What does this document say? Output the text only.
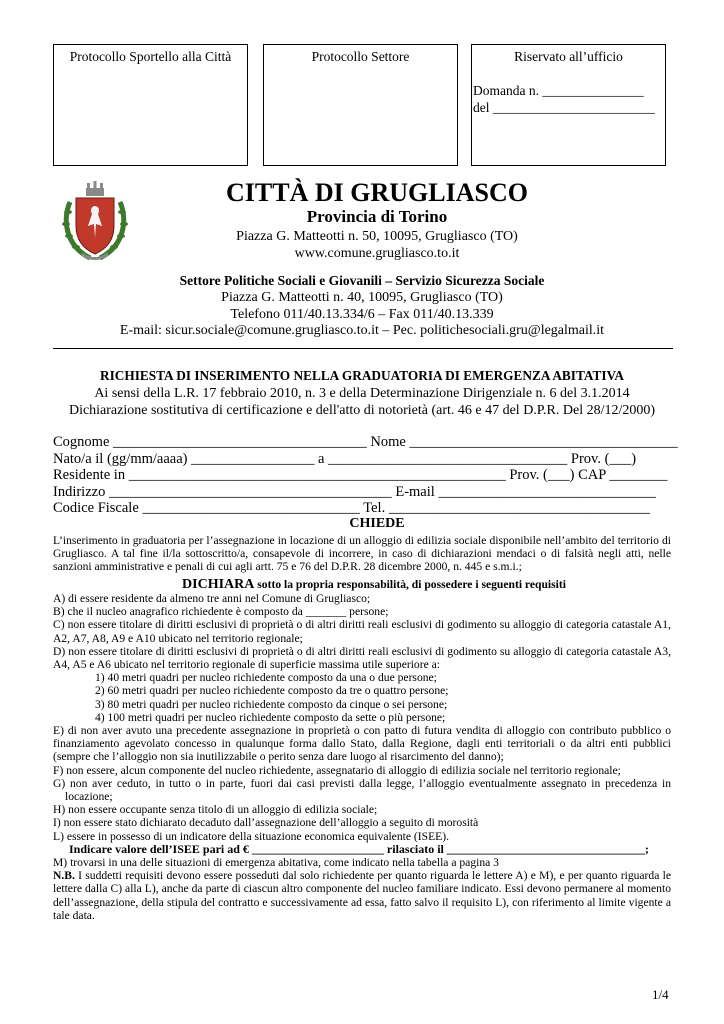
Protocollo Sportello alla Città	Protocollo Settore	Riservato all’ufficio
Domanda n. _______________
del ________________________
CITTÀ DI GRUGLIASCO
Provincia di Torino
Piazza G. Matteotti n. 50, 10095, Grugliasco (TO)
www.comune.grugliasco.to.it
Settore Politiche Sociali e Giovanili – Servizio Sicurezza Sociale
Piazza G. Matteotti n. 40, 10095, Grugliasco (TO)
Telefono 011/40.13.334/6 – Fax 011/40.13.339
E-mail: sicur.sociale@comune.grugliasco.to.it – Pec. politichesociali.gru@legalmail.it
RICHIESTA DI INSERIMENTO NELLA GRADUATORIA DI EMERGENZA ABITATIVA
Ai sensi della L.R. 17 febbraio 2010, n. 3 e della Determinazione Dirigenziale n. 6 del 3.1.2014
Dichiarazione sostitutiva di certificazione e dell'atto di notorietà (art. 46 e 47 del D.P.R. Del 28/12/2000)
Cognome ___________________________________ Nome _____________________________________
Nato/a il (gg/mm/aaaa) _________________ a _________________________________ Prov. (___)
Residente in ____________________________________________________ Prov. (___) CAP ________
Indirizzo _______________________________________ E-mail ______________________________
Codice Fiscale ______________________________ Tel. ____________________________________
CHIEDE

L’inserimento in graduatoria per l’assegnazione in locazione di un alloggio di edilizia sociale disponibile nell’ambito del territorio di Grugliasco. A tal fine il/la sottoscritto/a, consapevole di incorrere, in caso di dichiarazioni mendaci o di falsità negli atti, nelle sanzioni amministrative e penali di cui agli artt. 75 e 76 del D.P.R. 28 dicembre 2000, n. 445 e s.m.i.;

DICHIARA sotto la propria responsabilità, di possedere i seguenti requisiti

A) di essere residente da almeno tre anni nel Comune di Grugliasco;

B) che il nucleo anagrafico richiedente è composto da _______ persone;

C) non essere titolare di diritti esclusivi di proprietà o di altri diritti reali esclusivi di godimento su alloggio di categoria catastale A1, A2, A7, A8, A9 e A10 ubicato nel territorio regionale;

D) non essere titolare di diritti esclusivi di proprietà o di altri diritti reali esclusivi di godimento su alloggio di categoria catastale A3, A4, A5 e A6 ubicato nel territorio regionale di superficie massima utile superiore a:

1) 40 metri quadri per nucleo richiedente composto da una o due persone;

2) 60 metri quadri per nucleo richiedente composto da tre o quattro persone;

3) 80 metri quadri per nucleo richiedente composto da cinque o sei persone;

4) 100 metri quadri per nucleo richiedente composto da sette o più persone;

E) di non aver avuto una precedente assegnazione in proprietà o con patto di futura vendita di alloggio con contributo pubblico o finanziamento agevolato concesso in qualunque forma dallo Stato, dalla Regione, dagli enti territoriali o da altri enti pubblici (sempre che l’alloggio non sia inutilizzabile o perito senza dare luogo al risarcimento del danno);

F) non essere, alcun componente del nucleo richiedente, assegnatario di alloggio di edilizia sociale nel territorio regionale;

G) non aver ceduto, in tutto o in parte, fuori dai casi previsti dalla legge, l’alloggio eventualmente assegnato in precedenza in locazione;

H) non essere occupante senza titolo di un alloggio di edilizia sociale;

I) non essere stato dichiarato decaduto dall’assegnazione dell’alloggio a seguito di morosità

L) essere in possesso di un indicatore della situazione economica equivalente (ISEE).

Indicare valore dell’ISEE pari ad € ______________________ rilasciato il _________________________________;

M) trovarsi in una delle situazioni di emergenza abitativa, come indicato nella tabella a pagina 3

N.B. I suddetti requisiti devono essere posseduti dal solo richiedente per quanto riguarda le lettere A) e M), e per quanto riguarda le lettere dalla C) alla L), anche da parte di ciascun altro componente del nucleo familiare indicato. Essi devono permanere al momento dell’assegnazione, della stipula del contratto e successivamente ad essa, fatto salvo il requisito L), con riferimento al limite vigente a tale data.

1/4
